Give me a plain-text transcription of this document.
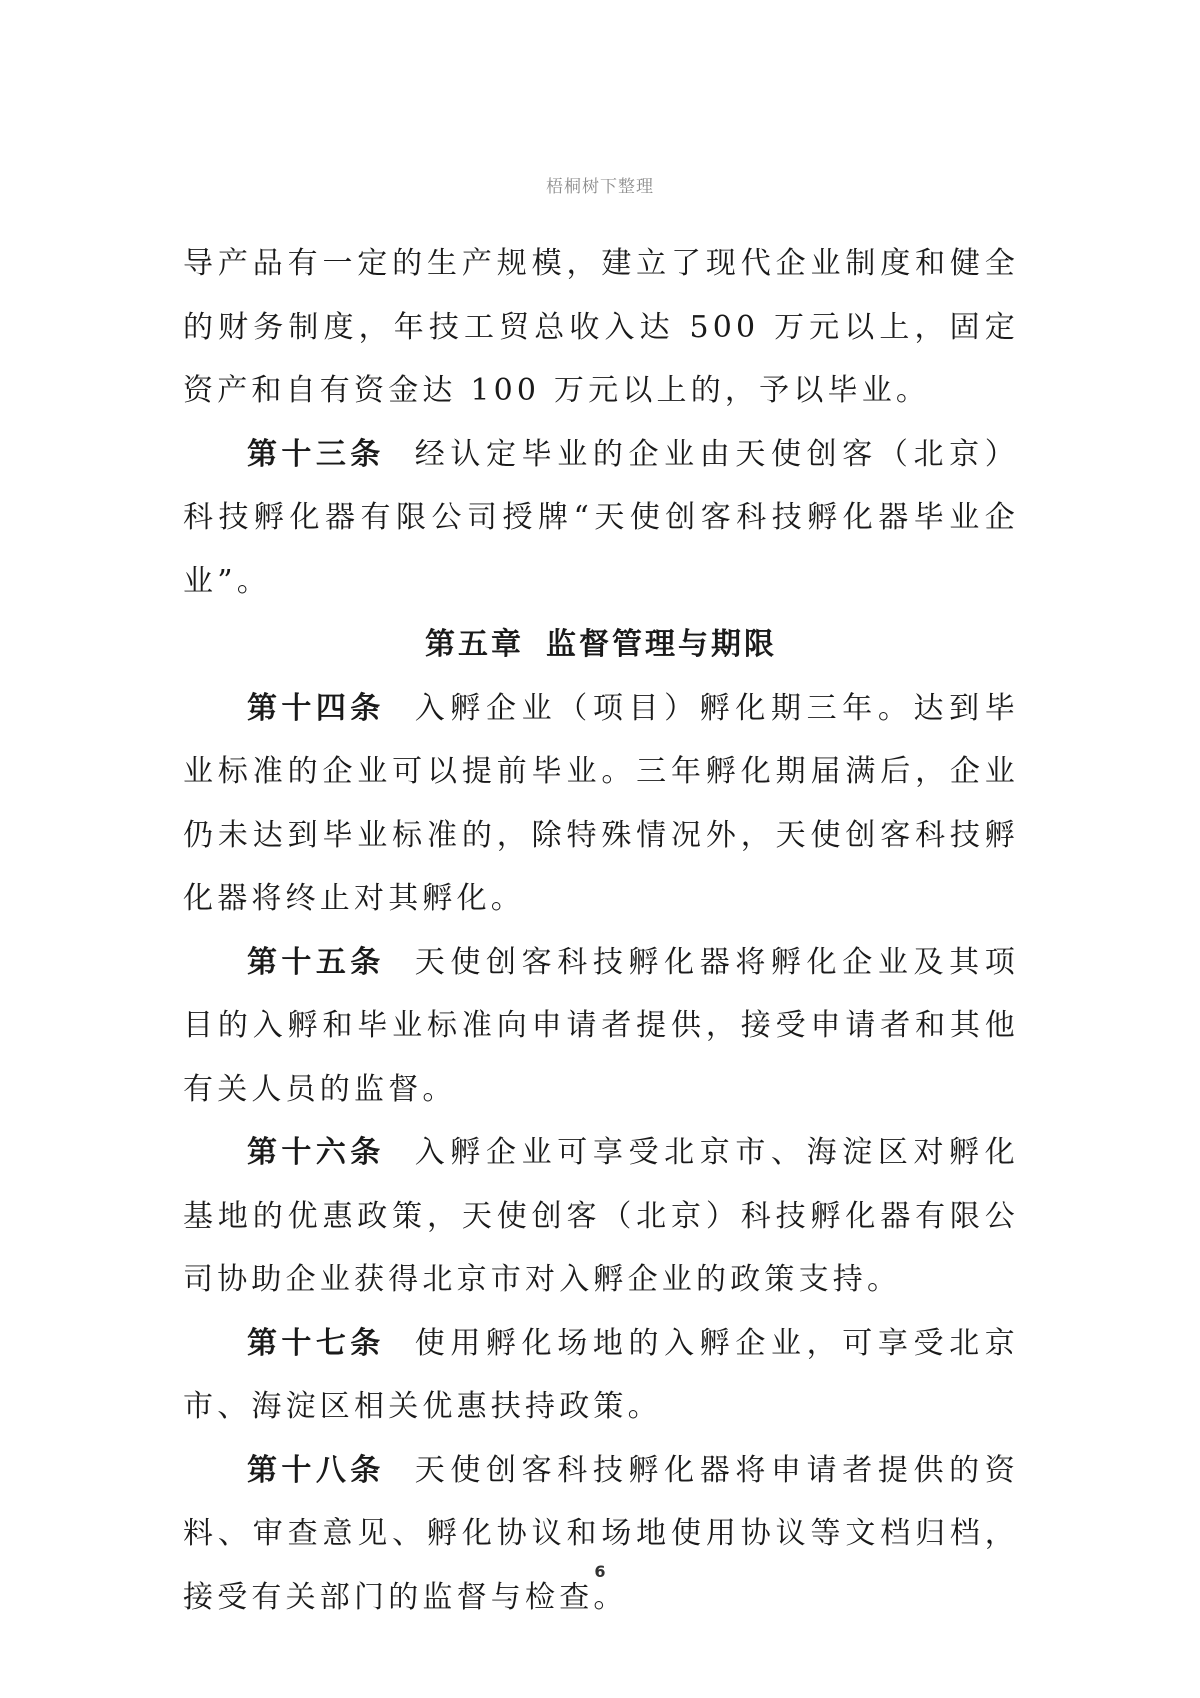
梧桐树下整理

导产品有一定的生产规模，建立了现代企业制度和健全的财务制度，年技工贸总收入达 500 万元以上，固定资产和自有资金达 100 万元以上的，予以毕业。

第十三条 经认定毕业的企业由天使创客（北京）科技孵化器有限公司授牌“天使创客科技孵化器毕业企业”。

第五章 监督管理与期限

第十四条 入孵企业（项目）孵化期三年。达到毕业标准的企业可以提前毕业。三年孵化期届满后，企业仍未达到毕业标准的，除特殊情况外，天使创客科技孵化器将终止对其孵化。

第十五条 天使创客科技孵化器将孵化企业及其项目的入孵和毕业标准向申请者提供，接受申请者和其他有关人员的监督。

第十六条 入孵企业可享受北京市、海淀区对孵化基地的优惠政策，天使创客（北京）科技孵化器有限公司协助企业获得北京市对入孵企业的政策支持。

第十七条 使用孵化场地的入孵企业，可享受北京市、海淀区相关优惠扶持政策。

第十八条 天使创客科技孵化器将申请者提供的资料、审查意见、孵化协议和场地使用协议等文档归档，接受有关部门的监督与检查。

6
